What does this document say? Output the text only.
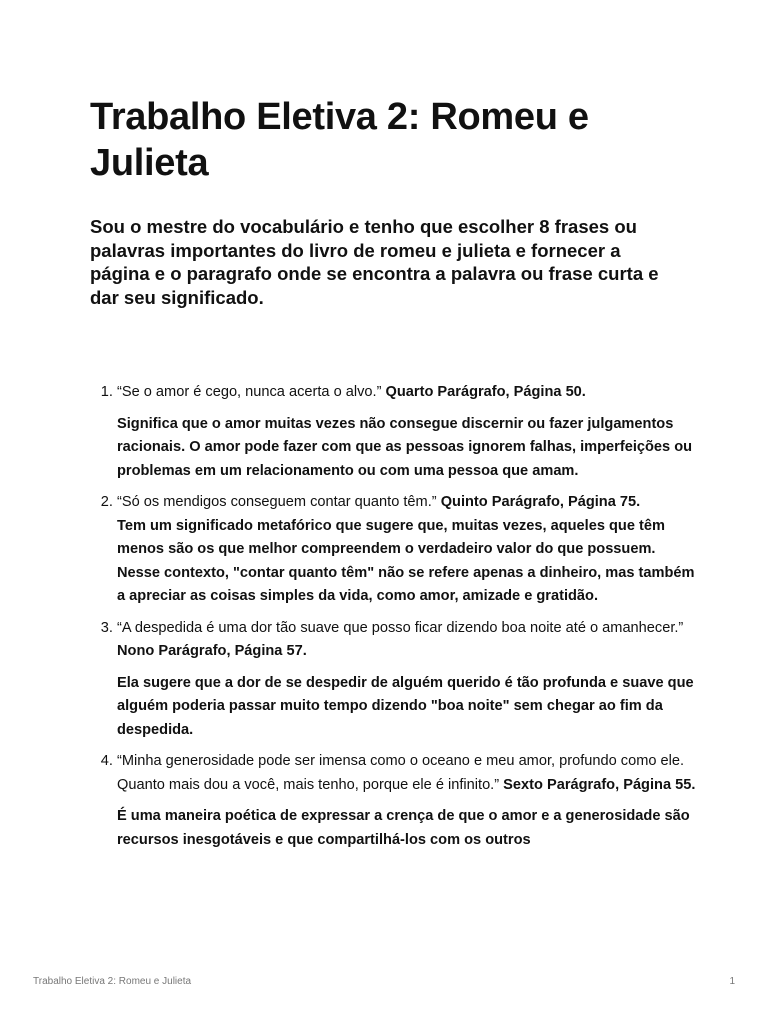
Trabalho Eletiva 2: Romeu e Julieta

Sou o mestre do vocabulário e tenho que escolher 8 frases ou palavras importantes do livro de romeu e julieta e fornecer a página e o paragrafo onde se encontra a palavra ou frase curta e dar seu significado.

1. “Se o amor é cego, nunca acerta o alvo.” Quarto Parágrafo, Página 50.
Significa que o amor muitas vezes não consegue discernir ou fazer julgamentos racionais. O amor pode fazer com que as pessoas ignorem falhas, imperfeições ou problemas em um relacionamento ou com uma pessoa que amam.
2. “Só os mendigos conseguem contar quanto têm.” Quinto Parágrafo, Página 75.
Tem um significado metafórico que sugere que, muitas vezes, aqueles que têm menos são os que melhor compreendem o verdadeiro valor do que possuem. Nesse contexto, "contar quanto têm" não se refere apenas a dinheiro, mas também a apreciar as coisas simples da vida, como amor, amizade e gratidão.
3. “A despedida é uma dor tão suave que posso ficar dizendo boa noite até o amanhecer.” Nono Parágrafo, Página 57.
Ela sugere que a dor de se despedir de alguém querido é tão profunda e suave que alguém poderia passar muito tempo dizendo "boa noite" sem chegar ao fim da despedida.
4. “Minha generosidade pode ser imensa como o oceano e meu amor, profundo como ele. Quanto mais dou a você, mais tenho, porque ele é infinito.” Sexto Parágrafo, Página 55.
É uma maneira poética de expressar a crença de que o amor e a generosidade são recursos inesgotáveis e que compartilhá-los com os outros
Trabalho Eletiva 2: Romeu e Julieta	1
